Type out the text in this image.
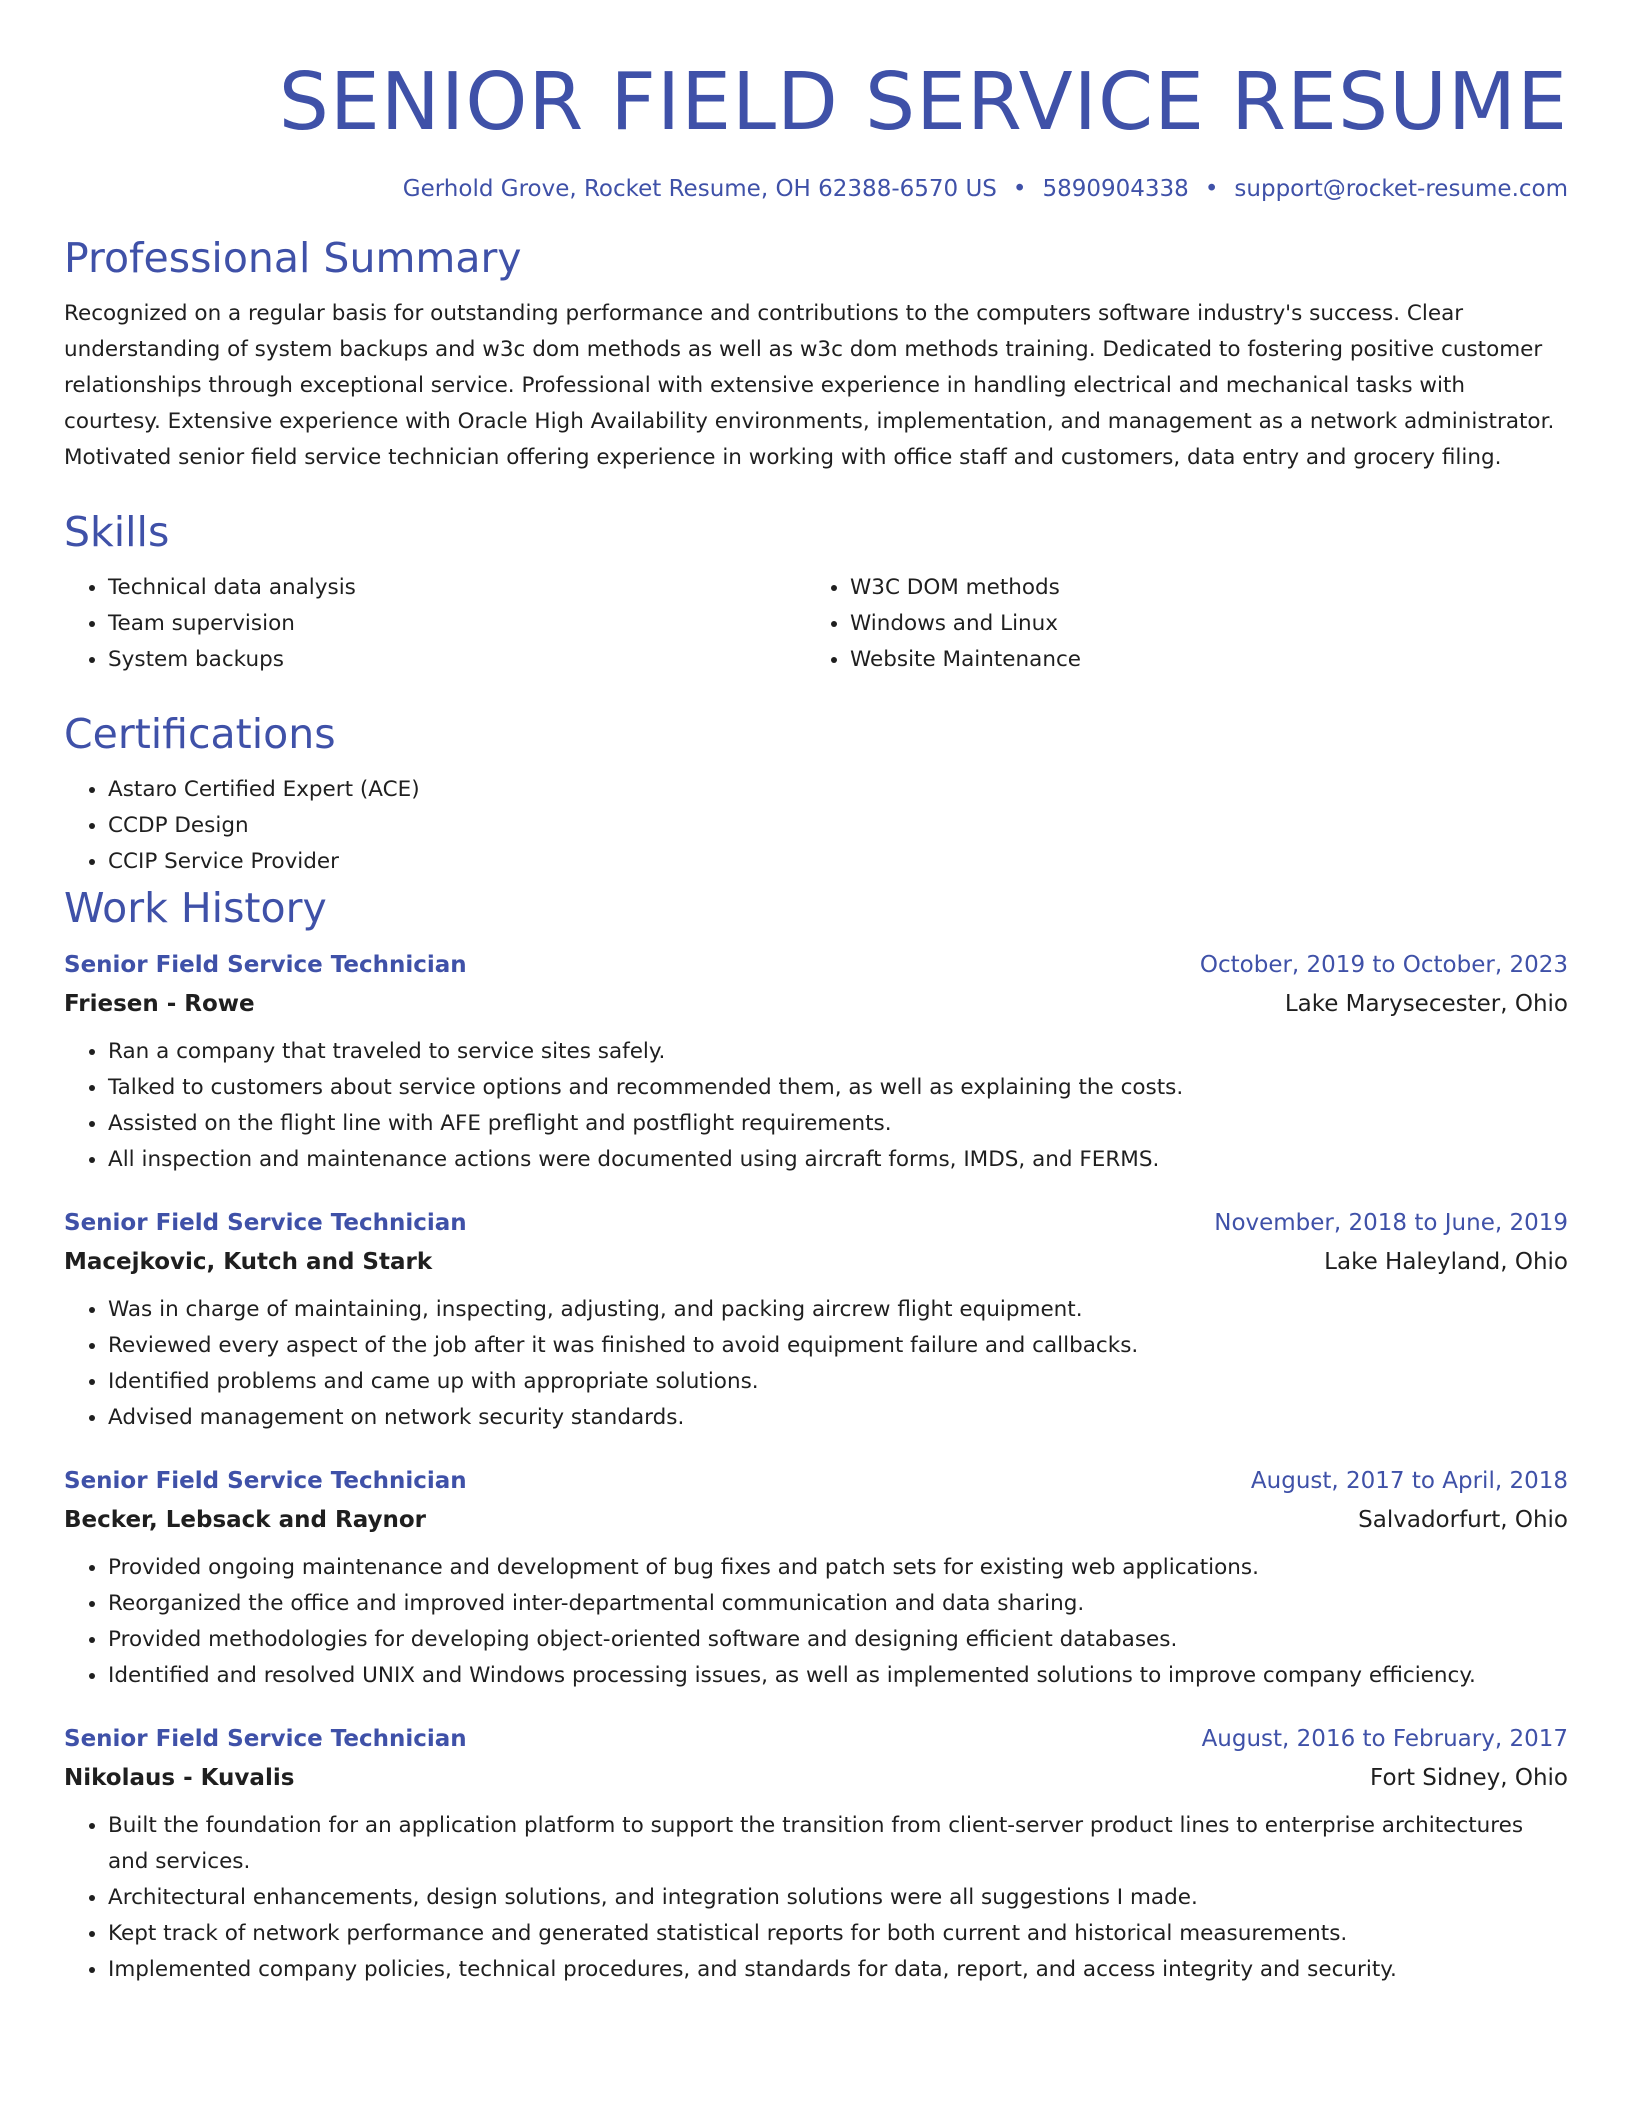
SENIOR FIELD SERVICE RESUME
Gerhold Grove, Rocket Resume, OH 62388-6570 US • 5890904338 • support@rocket-resume.com
Professional Summary

Recognized on a regular basis for outstanding performance and contributions to the computers software industry's success. Clear understanding of system backups and w3c dom methods as well as w3c dom methods training. Dedicated to fostering positive customer relationships through exceptional service. Professional with extensive experience in handling electrical and mechanical tasks with courtesy. Extensive experience with Oracle High Availability environments, implementation, and management as a network administrator. Motivated senior field service technician offering experience in working with office staff and customers, data entry and grocery filing.

Skills
• Technical data analysis
• Team supervision
• System backups
• W3C DOM methods
• Windows and Linux
• Website Maintenance
Certifications
• Astaro Certified Expert (ACE)
• CCDP Design
• CCIP Service Provider
Work History
Senior Field Service Technician	October, 2019 to October, 2023
Friesen - Rowe	Lake Marysecester, Ohio
• Ran a company that traveled to service sites safely.
• Talked to customers about service options and recommended them, as well as explaining the costs.
• Assisted on the flight line with AFE preflight and postflight requirements.
• All inspection and maintenance actions were documented using aircraft forms, IMDS, and FERMS.
Senior Field Service Technician	November, 2018 to June, 2019
Macejkovic, Kutch and Stark	Lake Haleyland, Ohio
• Was in charge of maintaining, inspecting, adjusting, and packing aircrew flight equipment.
• Reviewed every aspect of the job after it was finished to avoid equipment failure and callbacks.
• Identified problems and came up with appropriate solutions.
• Advised management on network security standards.
Senior Field Service Technician	August, 2017 to April, 2018
Becker, Lebsack and Raynor	Salvadorfurt, Ohio
• Provided ongoing maintenance and development of bug fixes and patch sets for existing web applications.
• Reorganized the office and improved inter-departmental communication and data sharing.
• Provided methodologies for developing object-oriented software and designing efficient databases.
• Identified and resolved UNIX and Windows processing issues, as well as implemented solutions to improve company efficiency.
Senior Field Service Technician	August, 2016 to February, 2017
Nikolaus - Kuvalis	Fort Sidney, Ohio
• Built the foundation for an application platform to support the transition from client-server product lines to enterprise architectures and services.
• Architectural enhancements, design solutions, and integration solutions were all suggestions I made.
• Kept track of network performance and generated statistical reports for both current and historical measurements.
• Implemented company policies, technical procedures, and standards for data, report, and access integrity and security.
